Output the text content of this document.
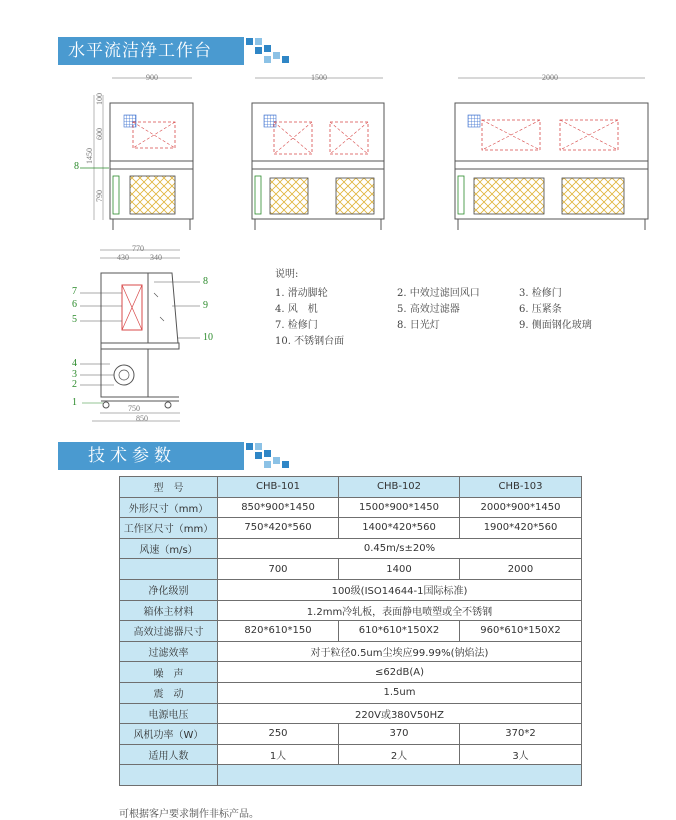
水平流洁净工作台
900	1500	2000
100
600
1450
790
8
770
430	340
750
850
8
7
6	9
5
10
4
3
2
1
说明:
1. 滑动脚轮	2. 中效过滤回风口	3. 检修门
4. 风　机	5. 高效过滤器	6. 压紧条
7. 检修门	8. 日光灯	9. 侧面钢化玻璃
10. 不锈钢台面
技术参数
型　号	CHB-101	CHB-102	CHB-103
外形尺寸（mm）	850*900*1450	1500*900*1450	2000*900*1450
工作区尺寸（mm）	750*420*560	1400*420*560	1900*420*560
风速（m/s）	0.45m/s±20%		
	700	1400	2000
净化级别	100级(ISO14644-1国际标准)		
箱体主材料	1.2mm冷轧板，表面静电喷塑或全不锈钢		
高效过滤器尺寸	820*610*150	610*610*150X2	960*610*150X2
过滤效率	对于粒径0.5um尘埃应99.99%(钠焰法)		
噪　声	≤62dB(A)		
震　动	1.5um		
电源电压	220V或380V50HZ		
风机功率（W）	250	370	370*2
适用人数	1人	2人	3人

可根据客户要求制作非标产品。
